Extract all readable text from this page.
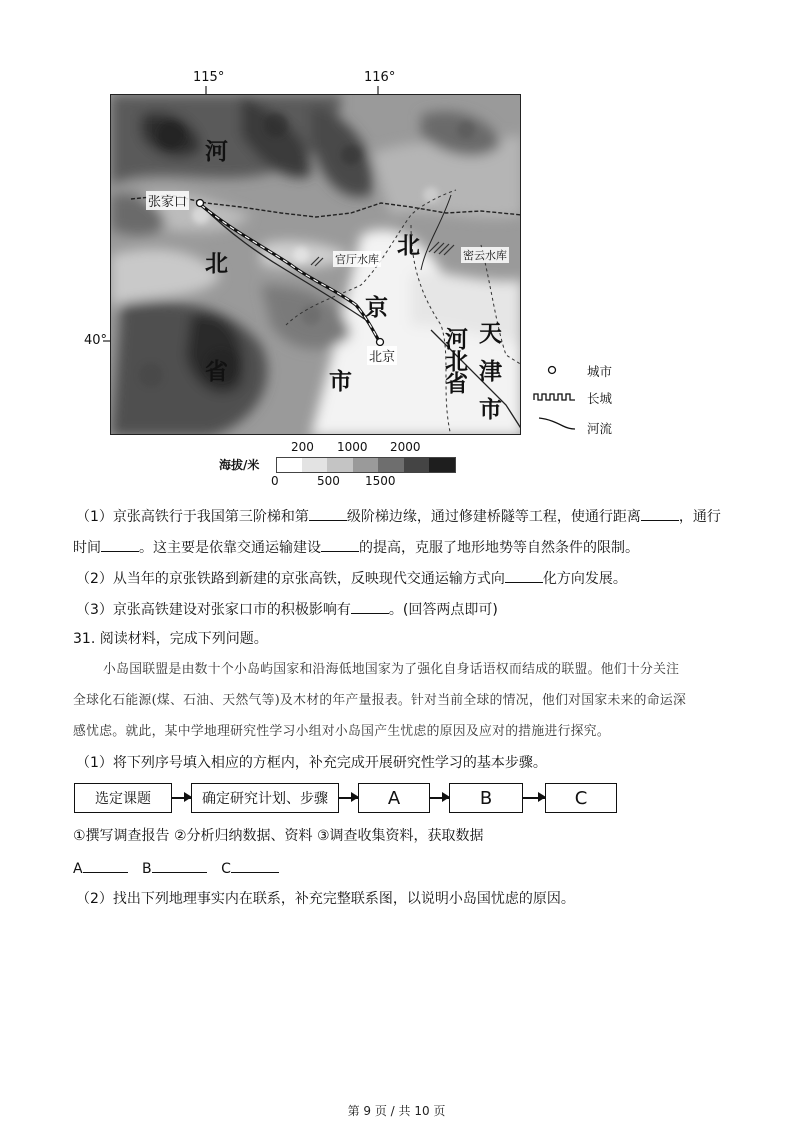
115°	116°
40°
河
北
省
北
京
市
河
北
省
天
津
市
张家口
北京
官厅水库	密云水库
城市
长城
河流
200 1000 2000
海拔/米
0	500 1500
（1）京张高铁行于我国第三阶梯和第	级阶梯边缘，通过修建桥隧等工程，使通行距离	，通行
时间	。这主要是依靠交通运输建设	的提高，克服了地形地势等自然条件的限制。
（2）从当年的京张铁路到新建的京张高铁，反映现代交通运输方式向	化方向发展。
（3）京张高铁建设对张家口市的积极影响有	。(回答两点即可)
31. 阅读材料，完成下列问题。
小岛国联盟是由数十个小岛屿国家和沿海低地国家为了强化自身话语权而结成的联盟。他们十分关注
全球化石能源(煤、石油、天然气等)及木材的年产量报表。针对当前全球的情况，他们对国家未来的命运深
感忧虑。就此，某中学地理研究性学习小组对小岛国产生忧虑的原因及应对的措施进行探究。
（1）将下列序号填入相应的方框内，补充完成开展研究性学习的基本步骤。
选定课题	确定研究计划、步骤	A	B	C
①撰写调查报告 ②分析归纳数据、资料 ③调查收集资料，获取数据
A	B	C
（2）找出下列地理事实内在联系，补充完整联系图，以说明小岛国忧虑的原因。
第 9 页 / 共 10 页
